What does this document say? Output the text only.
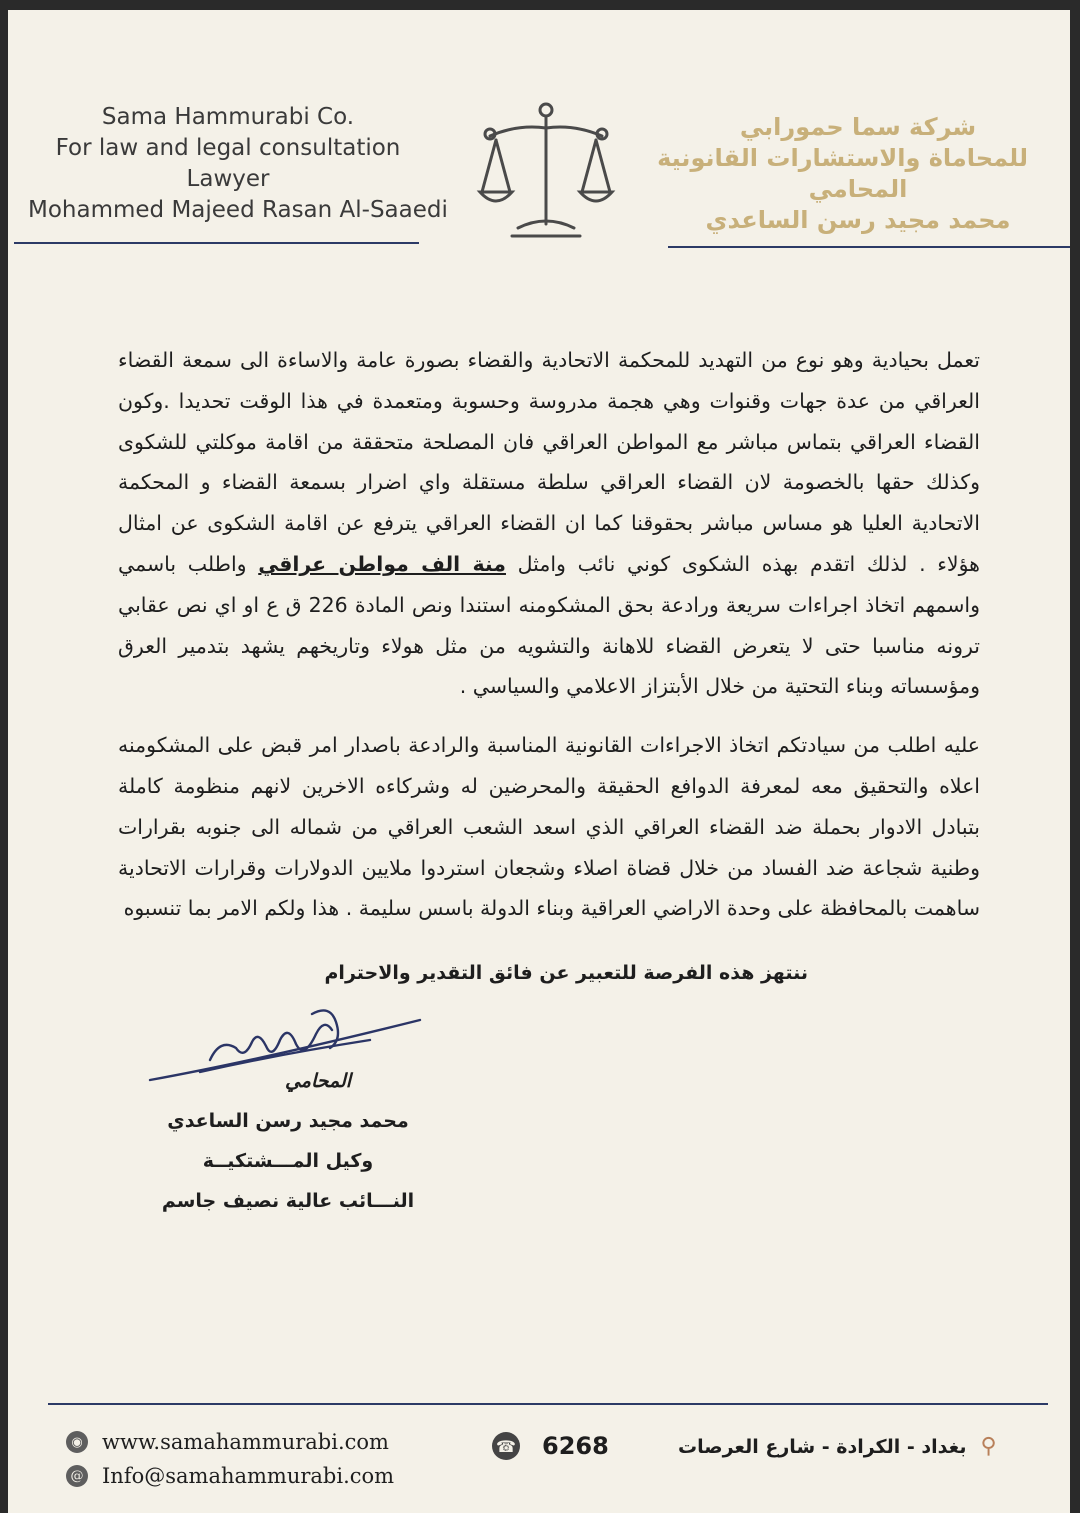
Sama Hammurabi Co.
For law and legal consultation
Lawyer
Mohammed Majeed Rasan Al-Saaedi
شركة سما حمورابي
للمحاماة والاستشارات القانونية
المحامي
محمد مجيد رسن الساعدي

تعمل بحيادية وهو نوع من التهديد للمحكمة الاتحادية والقضاء بصورة عامة والاساءة الى سمعة القضاء العراقي من عدة جهات وقنوات وهي هجمة مدروسة وحسوبة ومتعمدة في هذا الوقت تحديدا .وكون القضاء العراقي بتماس مباشر مع المواطن العراقي فان المصلحة متحققة من اقامة موكلتي للشكوى وكذلك حقها بالخصومة لان القضاء العراقي سلطة مستقلة واي اضرار بسمعة القضاء و المحكمة الاتحادية العليا هو مساس مباشر بحقوقنا كما ان القضاء العراقي يترفع عن اقامة الشكوى عن امثال هؤلاء . لذلك اتقدم بهذه الشكوى كوني نائب وامثل منة الف مواطن عراقي واطلب باسمي واسمهم اتخاذ اجراءات سريعة ورادعة بحق المشكومنه استندا ونص المادة 226 ق ع او اي نص عقابي ترونه مناسبا حتى لا يتعرض القضاء للاهانة والتشويه من مثل هولاء وتاريخهم يشهد بتدمير العرق ومؤسساته وبناء التحتية من خلال الأبتزاز الاعلامي والسياسي .

عليه اطلب من سيادتكم اتخاذ الاجراءات القانونية المناسبة والرادعة باصدار امر قبض على المشكومنه اعلاه والتحقيق معه لمعرفة الدوافع الحقيقة والمحرضين له وشركاءه الاخرين لانهم منظومة كاملة بتبادل الادوار بحملة ضد القضاء العراقي الذي اسعد الشعب العراقي من شماله الى جنوبه بقرارات وطنية شجاعة ضد الفساد من خلال قضاة اصلاء وشجعان استردوا ملايين الدولارات وقرارات الاتحادية ساهمت بالمحافظة على وحدة الاراضي العراقية وبناء الدولة باسس سليمة . هذا ولكم الامر بما تنسبوه

ننتهز هذه الفرصة للتعبير عن فائق التقدير والاحترام
المحامي
محمد مجيد رسن الساعدي
وكيل المـــشتكيــة
النـــائب عالية نصيف جاسم
◉ www.samahammurabi.com
@ Info@samahammurabi.com
☎ 6268	⚲
بغداد - الكرادة - شارع العرصات
